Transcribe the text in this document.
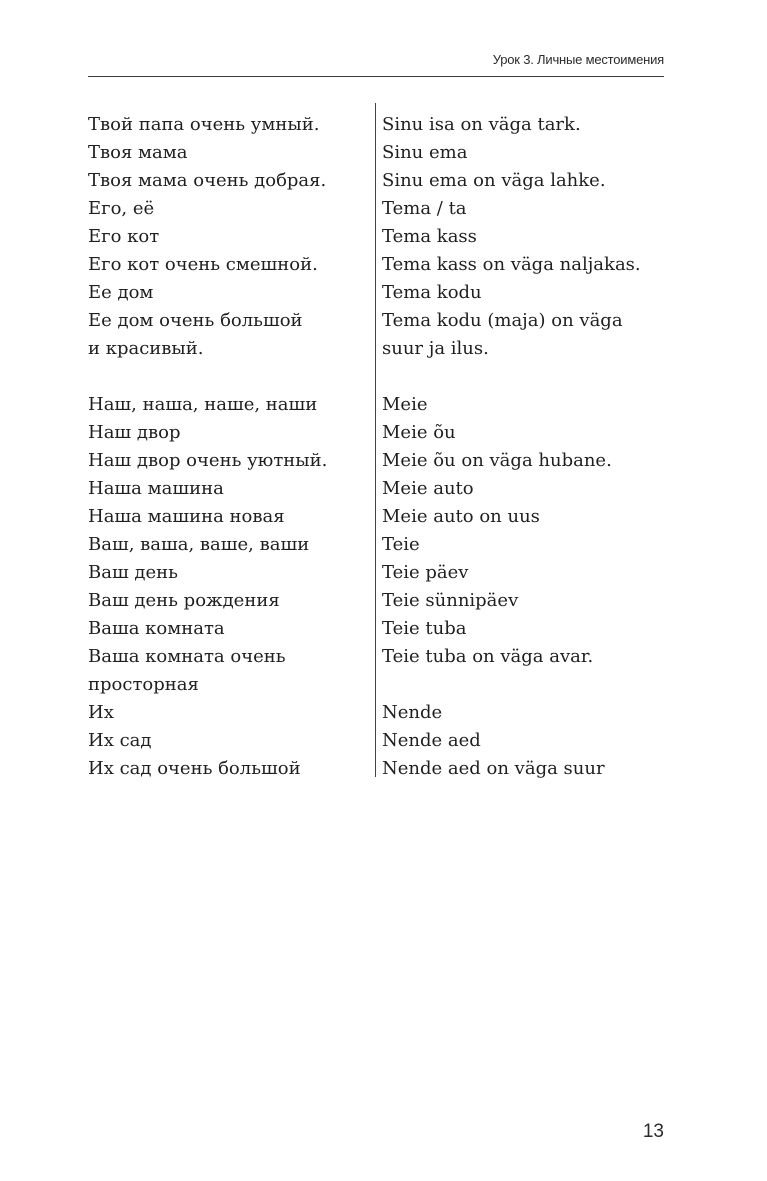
Урок 3. Личные местоимения
Твой папа очень умный.	Sinu isa on väga tark.
Твоя мама	Sinu ema
Твоя мама очень добрая.	Sinu ema on väga lahke.
Его, её	Tema / ta
Его кот	Tema kass
Его кот очень смешной.	Tema kass on väga naljakas.
Ее дом	Tema kodu
Ее дом очень большой	Tema kodu (maja) on väga
и красивый.	suur ja ilus.
Наш, наша, наше, наши	Meie
Наш двор	Meie õu
Наш двор очень уютный.	Meie õu on väga hubane.
Наша машина	Meie auto
Наша машина новая	Meie auto on uus
Ваш, ваша, ваше, ваши	Teie
Ваш день	Teie päev
Ваш день рождения	Teie sünnipäev
Ваша комната	Teie tuba
Ваша комната очень	Teie tuba on väga avar.
просторная
Их	Nende
Их сад	Nende aed
Их сад очень большой	Nende aed on väga suur
13
